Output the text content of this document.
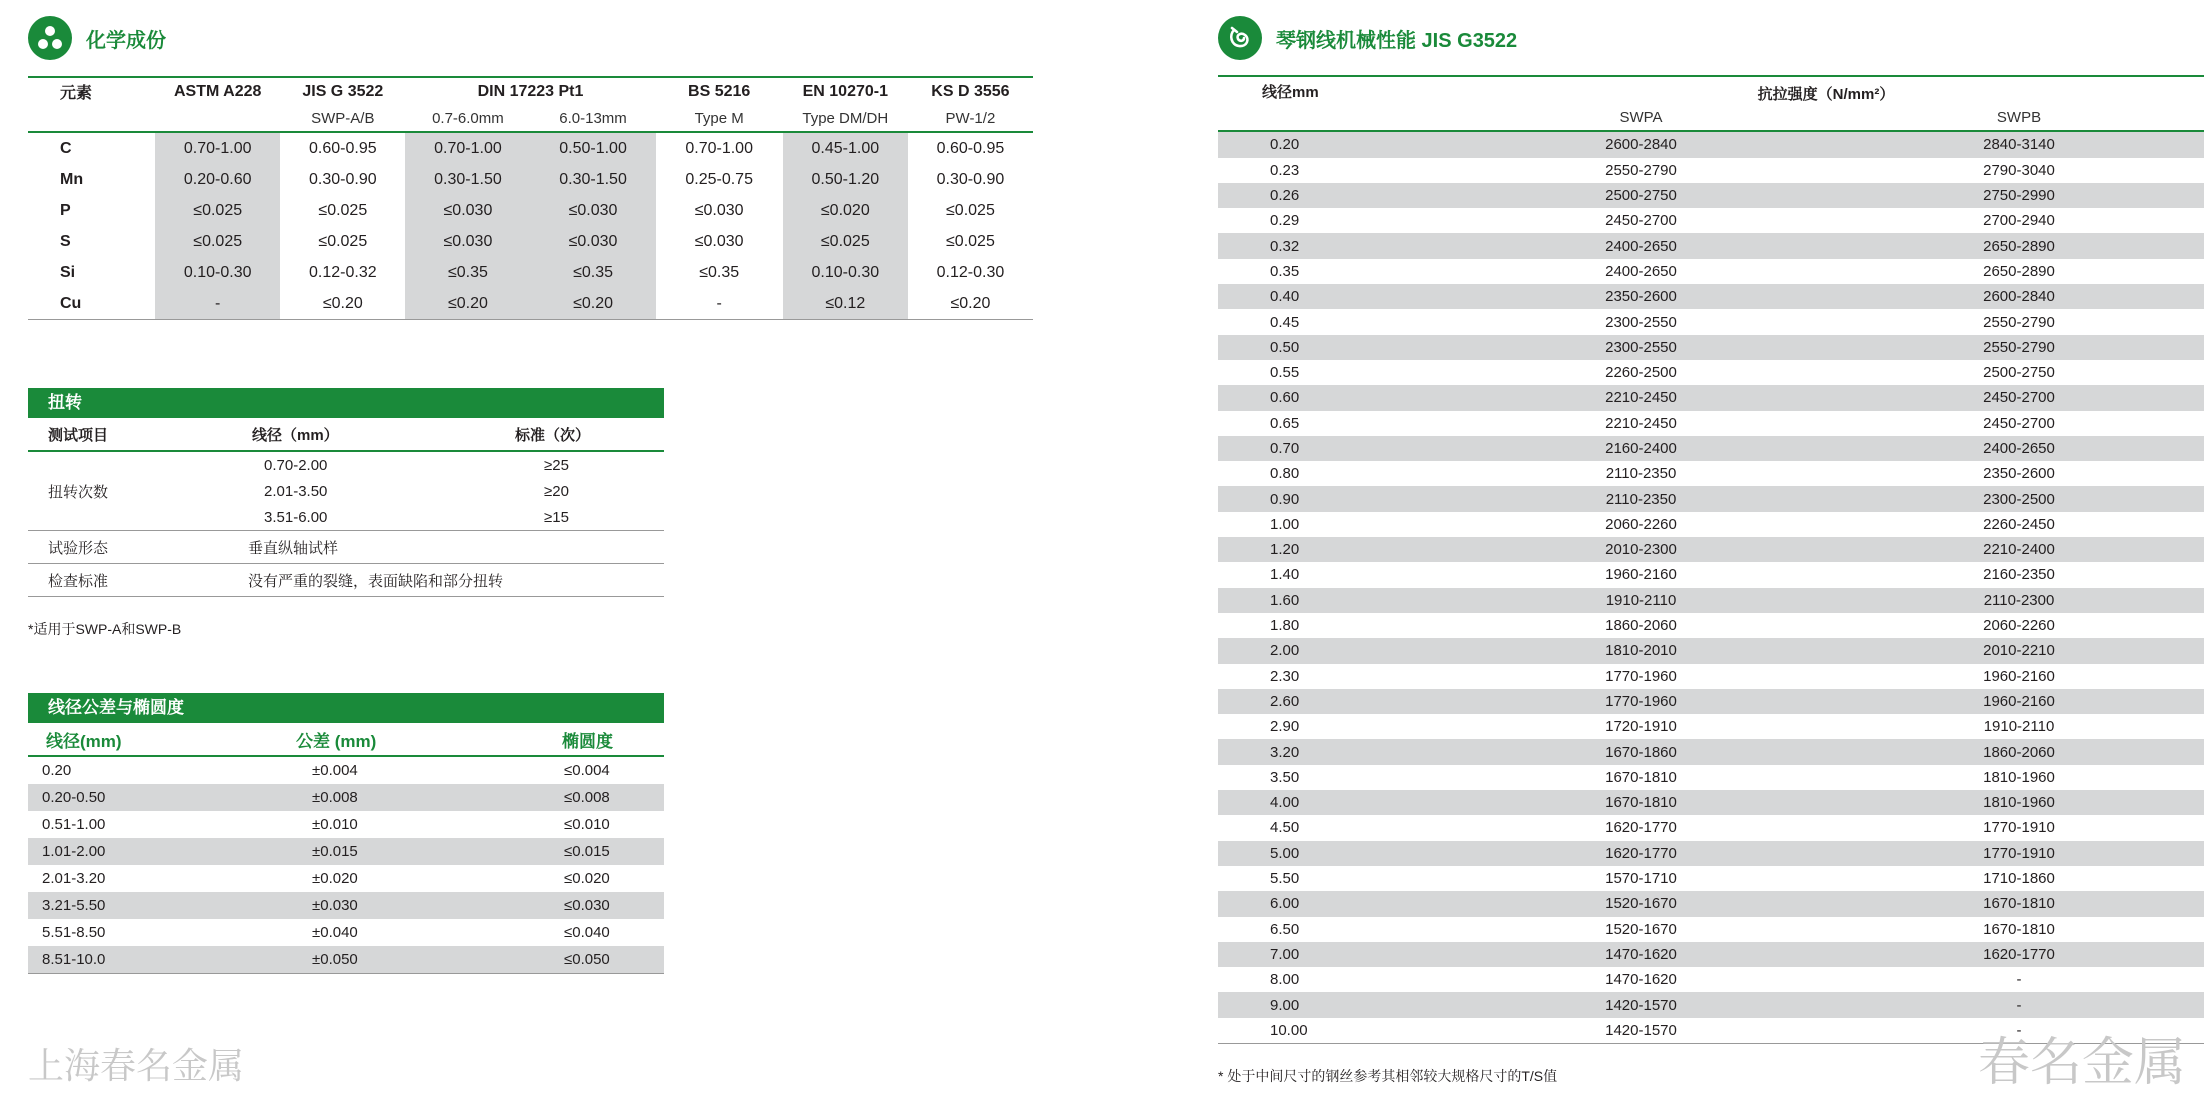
化学成份
元素	ASTM A228	JIS G 3522	DIN 17223 Pt1		BS 5216	EN 10270-1	KS D 3556
		SWP-A/B	0.7-6.0mm	6.0-13mm	Type M	Type DM/DH	PW-1/2
C	0.70-1.00	0.60-0.95	0.70-1.00	0.50-1.00	0.70-1.00	0.45-1.00	0.60-0.95
Mn	0.20-0.60	0.30-0.90	0.30-1.50	0.30-1.50	0.25-0.75	0.50-1.20	0.30-0.90
P	≤0.025	≤0.025	≤0.030	≤0.030	≤0.030	≤0.020	≤0.025
S	≤0.025	≤0.025	≤0.030	≤0.030	≤0.030	≤0.025	≤0.025
Si	0.10-0.30	0.12-0.32	≤0.35	≤0.35	≤0.35	0.10-0.30	0.12-0.30
Cu	-	≤0.20	≤0.20	≤0.20	-	≤0.12	≤0.20
扭转
测试项目	线径（mm）	标准（次）
扭转次数	0.70-2.00	≥25
	2.01-3.50	≥20
	3.51-6.00	≥15
试验形态	垂直纵轴试样	
检查标准	没有严重的裂缝，表面缺陷和部分扭转	
*适用于SWP-A和SWP-B
线径公差与椭圆度
线径(mm)	公差 (mm)	椭圆度
0.20	±0.004	≤0.004
0.20-0.50	±0.008	≤0.008
0.51-1.00	±0.010	≤0.010
1.01-2.00	±0.015	≤0.015
2.01-3.20	±0.020	≤0.020
3.21-5.50	±0.030	≤0.030
5.51-8.50	±0.040	≤0.040
8.51-10.0	±0.050	≤0.050
上海春名金属
琴钢线机械性能 JIS G3522
线径mm	抗拉强度（N/mm²）	
	SWPA	SWPB
0.20	2600-2840	2840-3140
0.23	2550-2790	2790-3040
0.26	2500-2750	2750-2990
0.29	2450-2700	2700-2940
0.32	2400-2650	2650-2890
0.35	2400-2650	2650-2890
0.40	2350-2600	2600-2840
0.45	2300-2550	2550-2790
0.50	2300-2550	2550-2790
0.55	2260-2500	2500-2750
0.60	2210-2450	2450-2700
0.65	2210-2450	2450-2700
0.70	2160-2400	2400-2650
0.80	2110-2350	2350-2600
0.90	2110-2350	2300-2500
1.00	2060-2260	2260-2450
1.20	2010-2300	2210-2400
1.40	1960-2160	2160-2350
1.60	1910-2110	2110-2300
1.80	1860-2060	2060-2260
2.00	1810-2010	2010-2210
2.30	1770-1960	1960-2160
2.60	1770-1960	1960-2160
2.90	1720-1910	1910-2110
3.20	1670-1860	1860-2060
3.50	1670-1810	1810-1960
4.00	1670-1810	1810-1960
4.50	1620-1770	1770-1910
5.00	1620-1770	1770-1910
5.50	1570-1710	1710-1860
6.00	1520-1670	1670-1810
6.50	1520-1670	1670-1810
7.00	1470-1620	1620-1770
8.00	1470-1620	-
9.00	1420-1570	-
10.00	1420-1570	-
* 处于中间尺寸的钢丝参考其相邻较大规格尺寸的T/S值	春名金属
